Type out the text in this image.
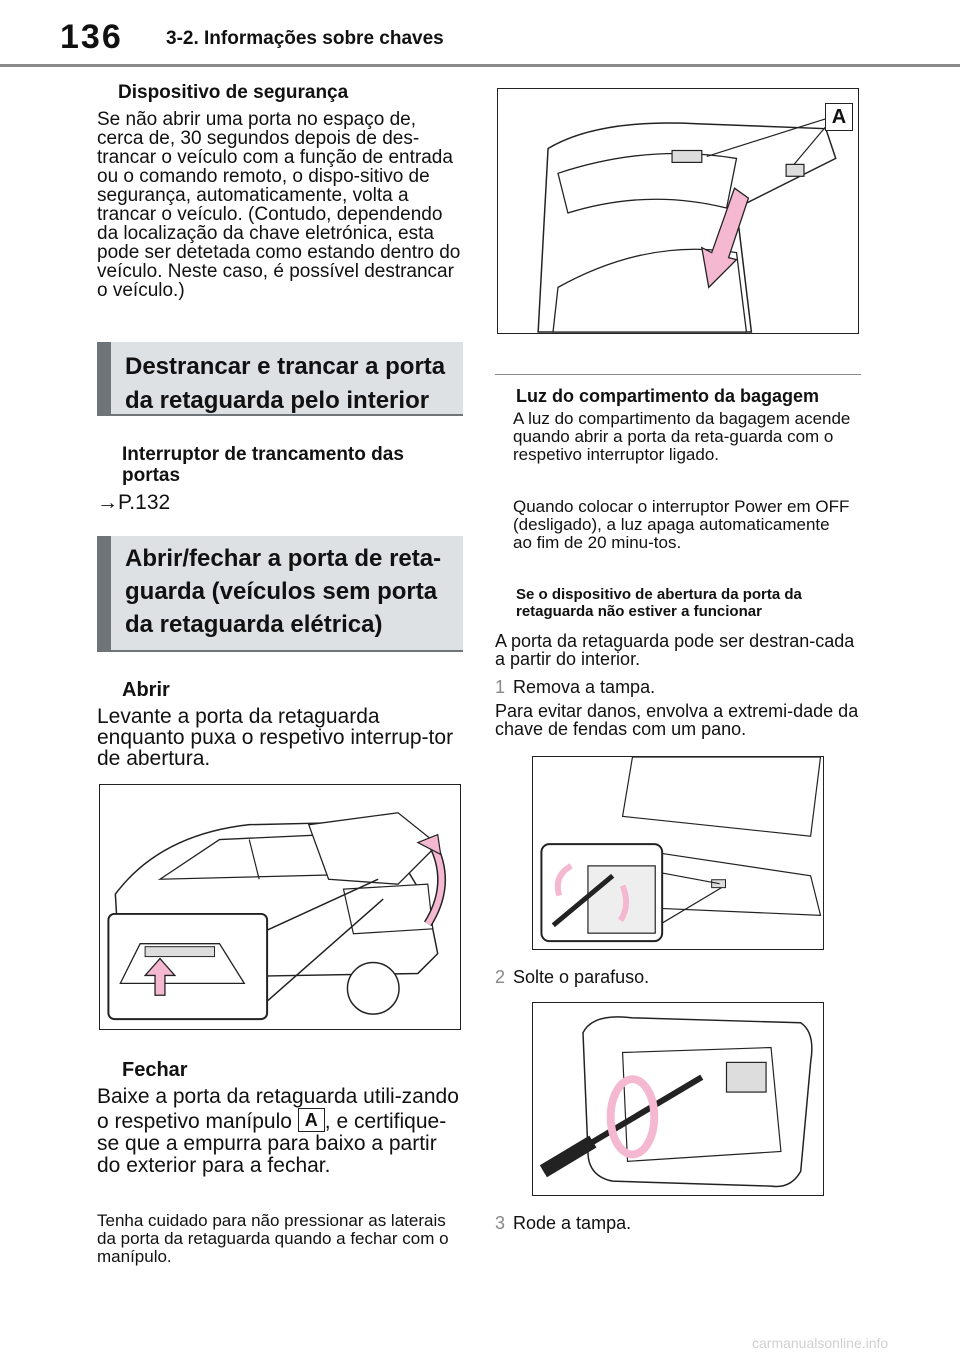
136 3-2. Informações sobre chaves
Dispositivo de segurança
Se não abrir uma porta no espaço de, cerca de, 30 segundos depois de des-trancar o veículo com a função de entrada ou o comando remoto, o dispo-sitivo de segurança, automaticamente, volta a trancar o veículo. (Contudo, dependendo da localização da chave eletrónica, esta pode ser detetada como estando dentro do veículo. Neste caso, é possível destrancar o veículo.)
Destrancar e trancar a porta da retaguarda pelo interior
Interruptor de trancamento das portas
→P.132
Abrir/fechar a porta de reta-guarda (veículos sem porta da retaguarda elétrica)
Abrir
Levante a porta da retaguarda enquanto puxa o respetivo interrup-tor de abertura.
Fechar
Baixe a porta da retaguarda utili-zando o respetivo manípulo A , e certifique-se que a empurra para baixo a partir do exterior para a fechar.
Tenha cuidado para não pressionar as laterais da porta da retaguarda quando a fechar com o manípulo.
A
Luz do compartimento da bagagem
A luz do compartimento da bagagem acende quando abrir a porta da reta-guarda com o respetivo interruptor ligado.
Quando colocar o interruptor Power em OFF (desligado), a luz apaga automaticamente ao fim de 20 minu-tos.
Se o dispositivo de abertura da porta da retaguarda não estiver a funcionar
A porta da retaguarda pode ser destran-cada a partir do interior.
1 Remova a tampa.
Para evitar danos, envolva a extremi-dade da chave de fendas com um pano.
2 Solte o parafuso.
3 Rode a tampa.
carmanualsonline.info
